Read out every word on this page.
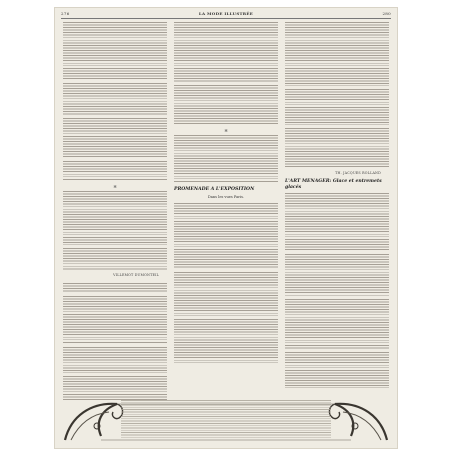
276	LA MODE ILLUSTRÉE	280
✻
VILLEMOT DUMONTEIL
✻
PROMENADE A L'EXPOSITION
Dans les vues Paris.
TH. JACQUES ROLLAND
L'ART MENAGER: Glace et entremets glacés
